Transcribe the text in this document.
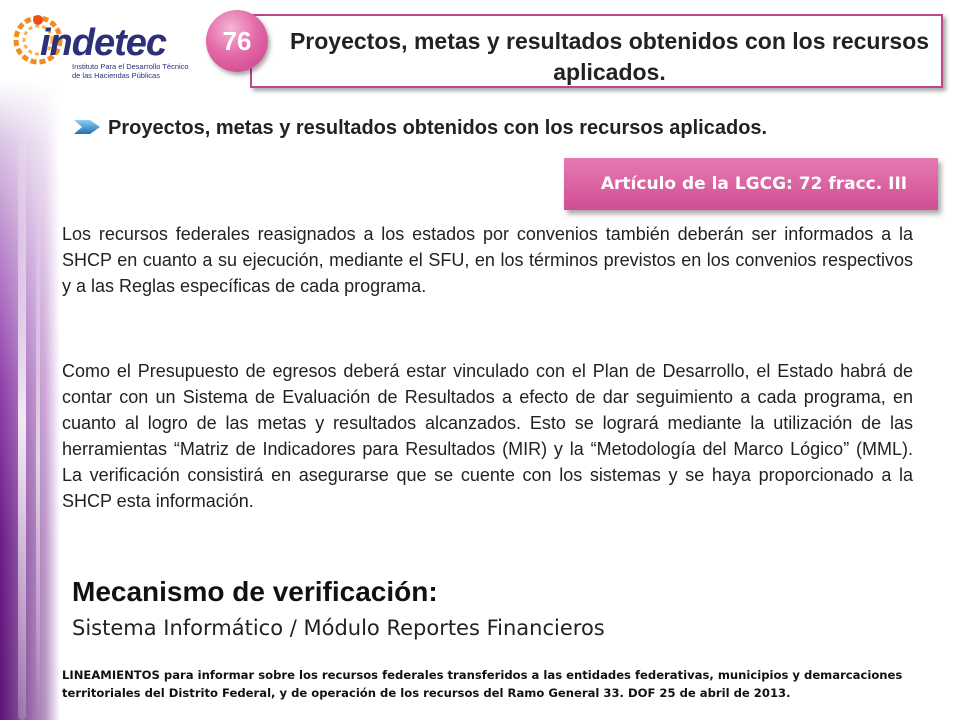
indetec
Instituto Para el Desarrollo Técnico
de las Haciendas Públicas
Proyectos, metas y resultados obtenidos con los recursos aplicados.
76
Proyectos, metas y resultados obtenidos con los recursos aplicados.
Artículo de la LGCG: 72 fracc. III
Los recursos federales reasignados a los estados por convenios también deberán ser informados a la SHCP en cuanto a su ejecución, mediante el SFU, en los términos previstos en los convenios respectivos y a las Reglas específicas de cada programa.
Como el Presupuesto de egresos deberá estar vinculado con el Plan de Desarrollo, el Estado habrá de contar con un Sistema de Evaluación de Resultados a efecto de dar seguimiento a cada programa, en cuanto al logro de las metas y resultados alcanzados. Esto se logrará mediante la utilización de las herramientas “Matriz de Indicadores para Resultados (MIR) y la “Metodología del Marco Lógico” (MML). La verificación consistirá en asegurarse que se cuente con los sistemas y se haya proporcionado a la SHCP esta información.
Mecanismo de verificación:
Sistema Informático / Módulo Reportes Financieros
LINEAMIENTOS para informar sobre los recursos federales transferidos a las entidades federativas, municipios y demarcaciones territoriales del Distrito Federal, y de operación de los recursos del Ramo General 33. DOF 25 de abril de 2013.
